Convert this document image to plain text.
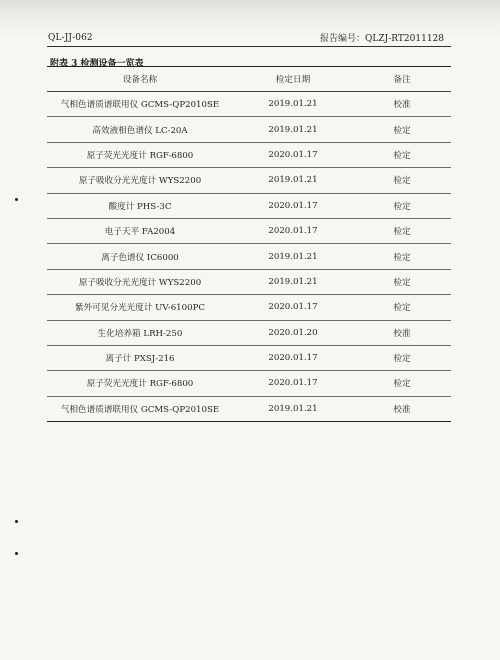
QL-JJ-062	报告编号：QLZJ-RT2011128
附表 3 检测设备一览表
设备名称	检定日期	备注
气相色谱质谱联用仪 GCMS-QP2010SE	2019.01.21	校准
高效液相色谱仪 LC-20A	2019.01.21	检定
原子荧光光度计 RGF-6800	2020.01.17	检定
原子吸收分光光度计 WYS2200	2019.01.21	检定
酸度计 PHS-3C	2020.01.17	检定
电子天平 FA2004	2020.01.17	检定
离子色谱仪 IC6000	2019.01.21	检定
原子吸收分光光度计 WYS2200	2019.01.21	检定
紫外可见分光光度计 UV-6100PC	2020.01.17	检定
生化培养箱 LRH-250	2020.01.20	校准
离子计 PXSJ-216	2020.01.17	检定
原子荧光光度计 RGF-6800	2020.01.17	检定
气相色谱质谱联用仪 GCMS-QP2010SE	2019.01.21	校准
